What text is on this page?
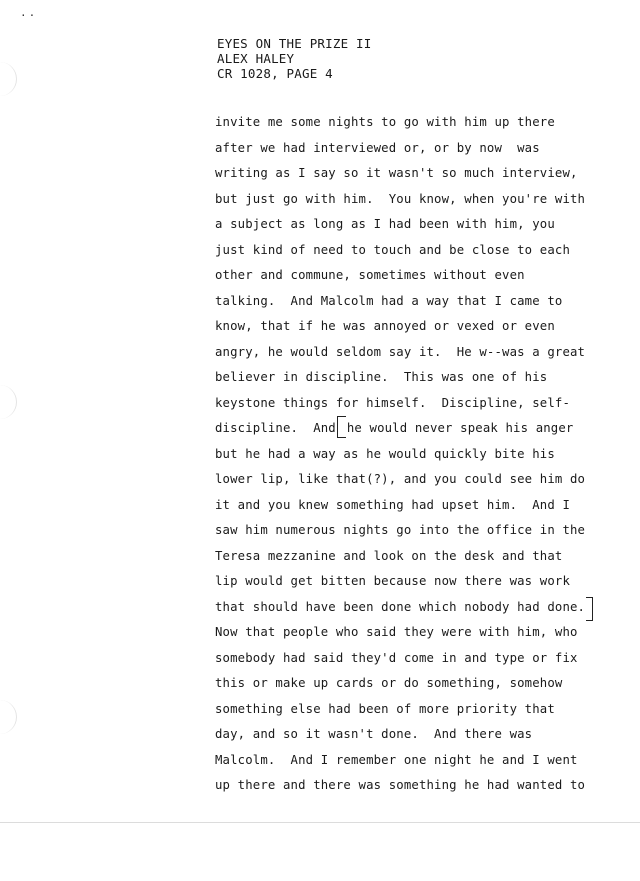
..
EYES ON THE PRIZE II
ALEX HALEY
CR 1028, PAGE 4
invite me some nights to go with him up there
after we had interviewed or, or by now  was
writing as I say so it wasn't so much interview,
but just go with him.  You know, when you're with
a subject as long as I had been with him, you
just kind of need to touch and be close to each
other and commune, sometimes without even
talking.  And Malcolm had a way that I came to
know, that if he was annoyed or vexed or even
angry, he would seldom say it.  He w--was a great
believer in discipline.  This was one of his
keystone things for himself.  Discipline, self-
discipline.  And he would never speak his anger
but he had a way as he would quickly bite his
lower lip, like that(?), and you could see him do
it and you knew something had upset him.  And I
saw him numerous nights go into the office in the
Teresa mezzanine and look on the desk and that
lip would get bitten because now there was work
that should have been done which nobody had done.
Now that people who said they were with him, who
somebody had said they'd come in and type or fix
this or make up cards or do something, somehow
something else had been of more priority that
day, and so it wasn't done.  And there was
Malcolm.  And I remember one night he and I went
up there and there was something he had wanted to
